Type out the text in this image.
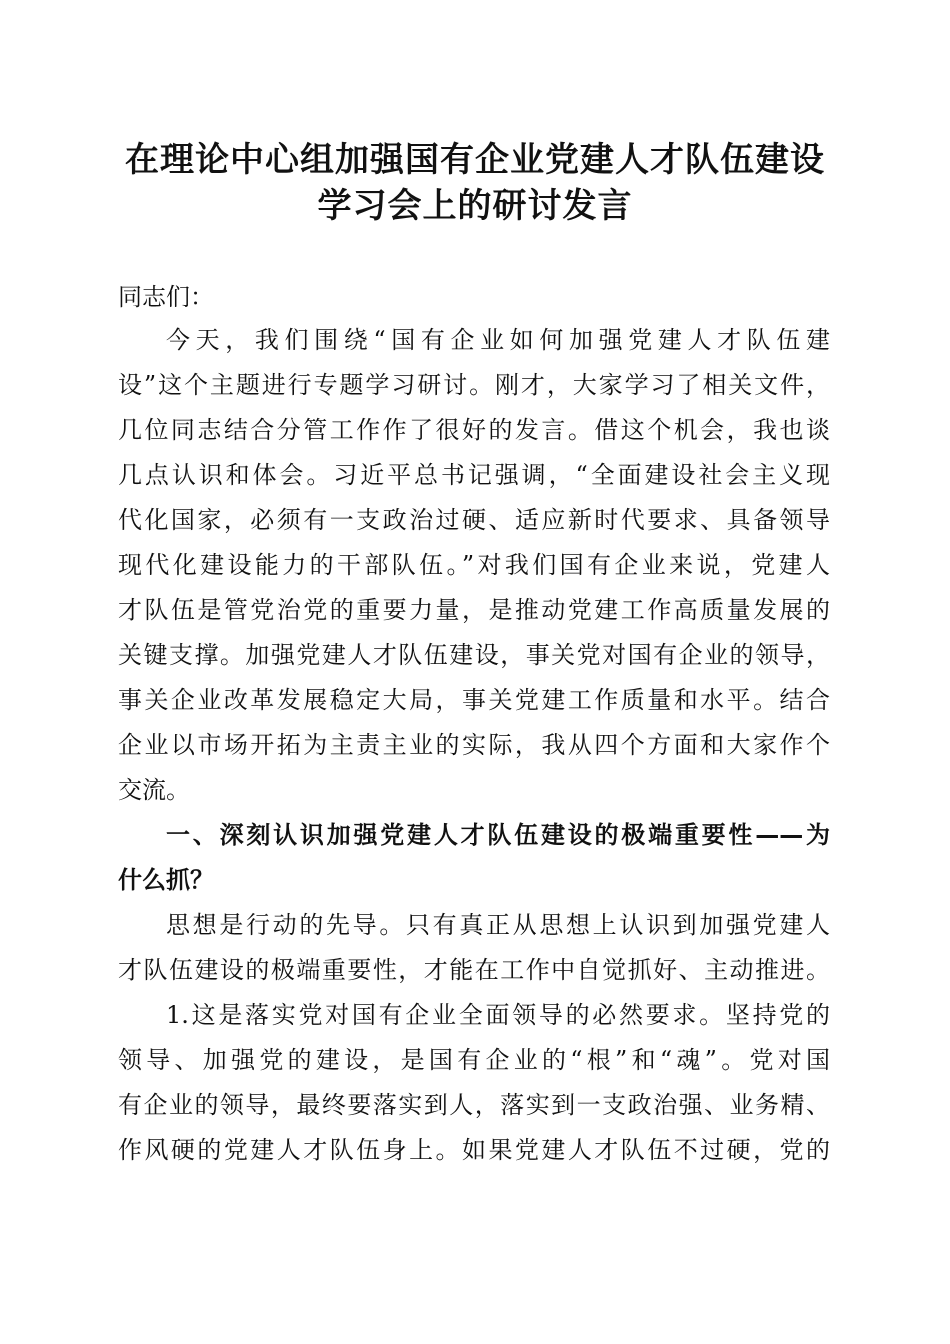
在理论中心组加强国有企业党建人才队伍建设
学习会上的研讨发言

同志们：

今天，我们围绕“国有企业如何加强党建人才队伍建

设”这个主题进行专题学习研讨。刚才，大家学习了相关文件，

几位同志结合分管工作作了很好的发言。借这个机会，我也谈

几点认识和体会。习近平总书记强调，“全面建设社会主义现

代化国家，必须有一支政治过硬、适应新时代要求、具备领导

现代化建设能力的干部队伍。”对我们国有企业来说，党建人

才队伍是管党治党的重要力量，是推动党建工作高质量发展的

关键支撑。加强党建人才队伍建设，事关党对国有企业的领导，

事关企业改革发展稳定大局，事关党建工作质量和水平。结合

企业以市场开拓为主责主业的实际，我从四个方面和大家作个

交流。

一、深刻认识加强党建人才队伍建设的极端重要性——为

什么抓？

思想是行动的先导。只有真正从思想上认识到加强党建人

才队伍建设的极端重要性，才能在工作中自觉抓好、主动推进。

1.这是落实党对国有企业全面领导的必然要求。坚持党的

领导、加强党的建设，是国有企业的“根”和“魂”。党对国

有企业的领导，最终要落实到人，落实到一支政治强、业务精、

作风硬的党建人才队伍身上。如果党建人才队伍不过硬，党的
